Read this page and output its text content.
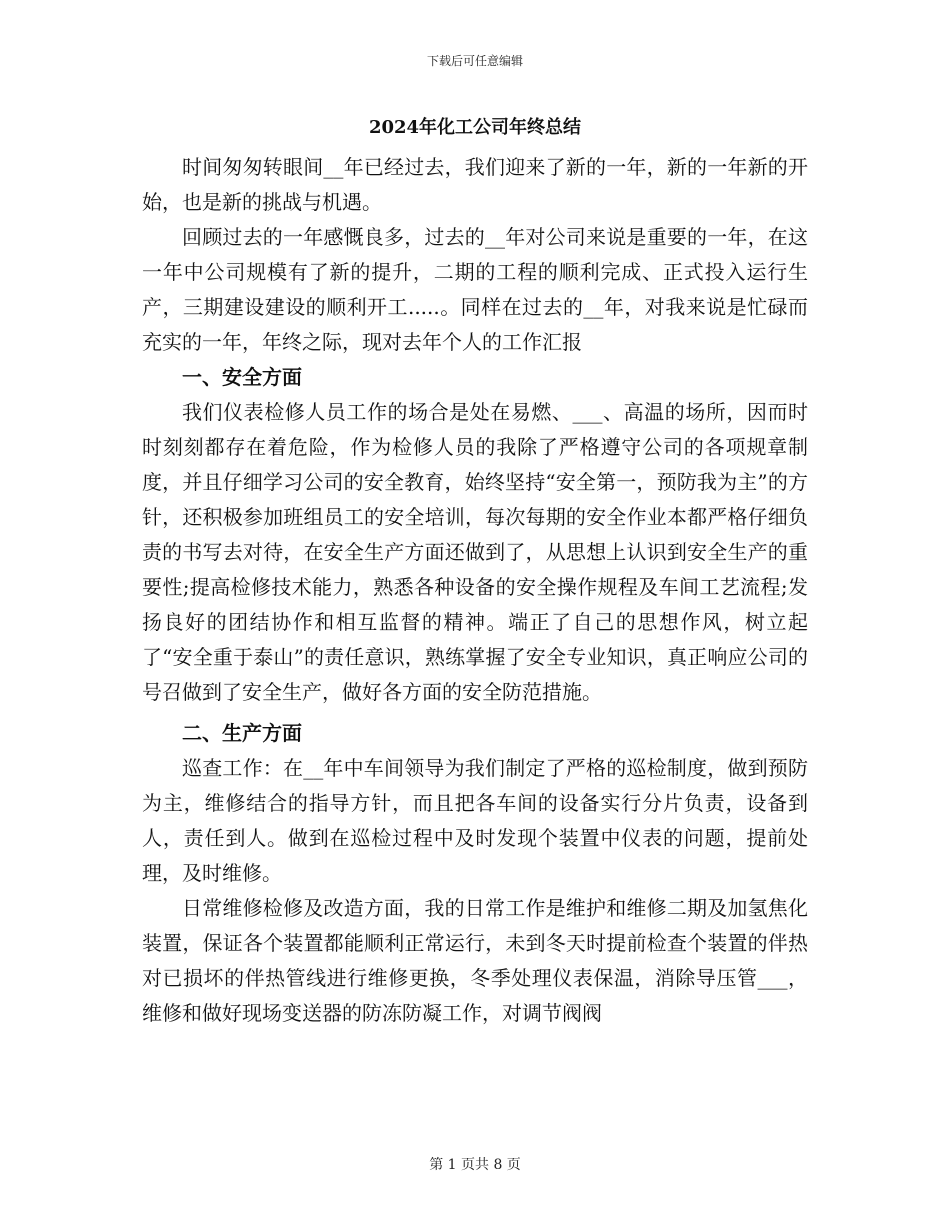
下载后可任意编辑
2024年化工公司年终总结

时间匆匆转眼间__年已经过去，我们迎来了新的一年，新的一年新的开始，也是新的挑战与机遇。

回顾过去的一年感慨良多，过去的__年对公司来说是重要的一年，在这一年中公司规模有了新的提升，二期的工程的顺利完成、正式投入运行生产，三期建设建设的顺利开工.....。同样在过去的__年，对我来说是忙碌而充实的一年，年终之际，现对去年个人的工作汇报

一、安全方面

我们仪表检修人员工作的场合是处在易燃、___、高温的场所，因而时时刻刻都存在着危险，作为检修人员的我除了严格遵守公司的各项规章制度，并且仔细学习公司的安全教育，始终坚持“安全第一，预防我为主”的方针，还积极参加班组员工的安全培训，每次每期的安全作业本都严格仔细负责的书写去对待，在安全生产方面还做到了，从思想上认识到安全生产的重要性;提高检修技术能力，熟悉各种设备的安全操作规程及车间工艺流程;发扬良好的团结协作和相互监督的精神。端正了自己的思想作风，树立起了“安全重于泰山”的责任意识，熟练掌握了安全专业知识，真正响应公司的号召做到了安全生产，做好各方面的安全防范措施。

二、生产方面

巡查工作：在__年中车间领导为我们制定了严格的巡检制度，做到预防为主，维修结合的指导方针，而且把各车间的设备实行分片负责，设备到人，责任到人。做到在巡检过程中及时发现个装置中仪表的问题，提前处理，及时维修。

日常维修检修及改造方面，我的日常工作是维护和维修二期及加氢焦化装置，保证各个装置都能顺利正常运行，未到冬天时提前检查个装置的伴热对已损坏的伴热管线进行维修更换，冬季处理仪表保温，消除导压管___，维修和做好现场变送器的防冻防凝工作，对调节阀阀

第 1 页共 8 页
